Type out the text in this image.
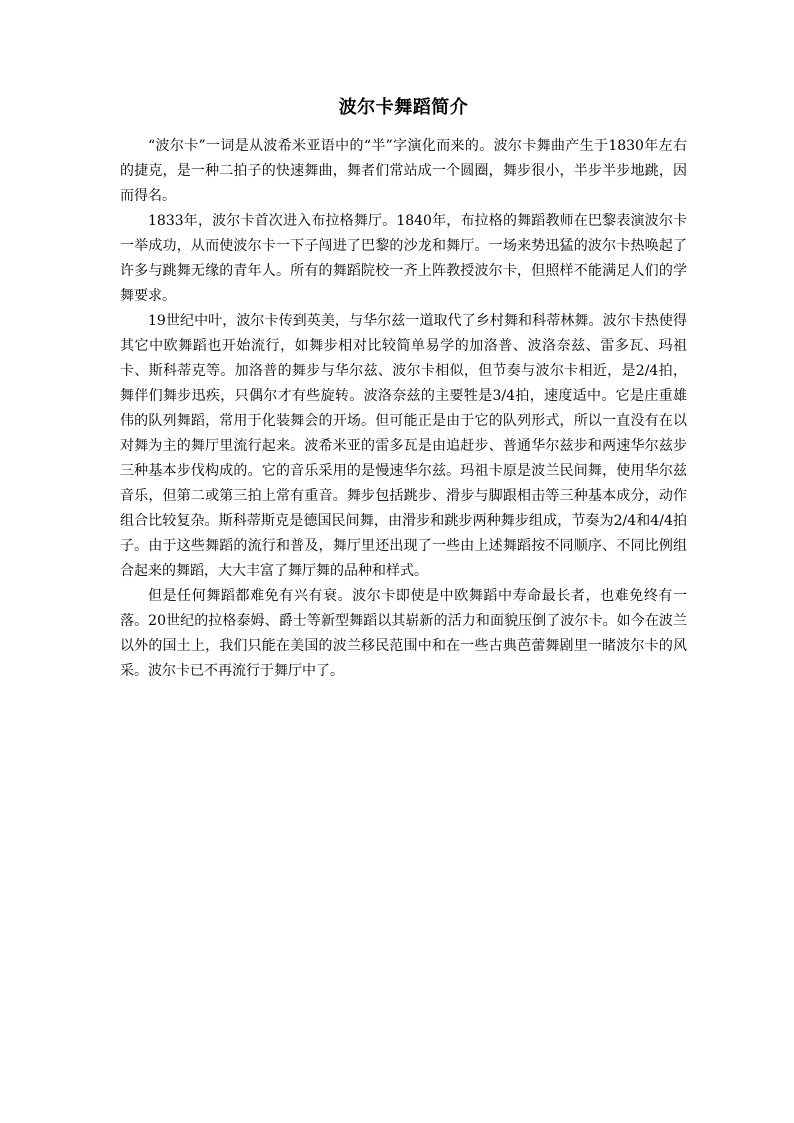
波尔卡舞蹈简介

“波尔卡”一词是从波希米亚语中的“半”字演化而来的。波尔卡舞曲产生于1830年左右的捷克，是一种二拍子的快速舞曲，舞者们常站成一个圆圈，舞步很小，半步半步地跳，因而得名。

1833年，波尔卡首次进入布拉格舞厅。1840年，布拉格的舞蹈教师在巴黎表演波尔卡一举成功，从而使波尔卡一下子闯进了巴黎的沙龙和舞厅。一场来势迅猛的波尔卡热唤起了许多与跳舞无缘的青年人。所有的舞蹈院校一齐上阵教授波尔卡，但照样不能满足人们的学舞要求。

19世纪中叶，波尔卡传到英美，与华尔兹一道取代了乡村舞和科蒂林舞。波尔卡热使得其它中欧舞蹈也开始流行，如舞步相对比较简单易学的加洛普、波洛奈兹、雷多瓦、玛祖卡、斯科蒂克等。加洛普的舞步与华尔兹、波尔卡相似，但节奏与波尔卡相近，是2/4拍，舞伴们舞步迅疾，只偶尔才有些旋转。波洛奈兹的主要牲是3/4拍，速度适中。它是庄重雄伟的队列舞蹈，常用于化装舞会的开场。但可能正是由于它的队列形式，所以一直没有在以对舞为主的舞厅里流行起来。波希米亚的雷多瓦是由追赶步、普通华尔兹步和两速华尔兹步三种基本步伐构成的。它的音乐采用的是慢速华尔兹。玛祖卡原是波兰民间舞，使用华尔兹音乐，但第二或第三拍上常有重音。舞步包括跳步、滑步与脚跟相击等三种基本成分，动作组合比较复杂。斯科蒂斯克是德国民间舞，由滑步和跳步两种舞步组成，节奏为2/4和4/4拍子。由于这些舞蹈的流行和普及，舞厅里还出现了一些由上述舞蹈按不同顺序、不同比例组合起来的舞蹈，大大丰富了舞厅舞的品种和样式。

但是任何舞蹈都难免有兴有衰。波尔卡即使是中欧舞蹈中寿命最长者，也难免终有一落。20世纪的拉格泰姆、爵士等新型舞蹈以其崭新的活力和面貌压倒了波尔卡。如今在波兰以外的国土上，我们只能在美国的波兰移民范围中和在一些古典芭蕾舞剧里一睹波尔卡的风采。波尔卡已不再流行于舞厅中了。
